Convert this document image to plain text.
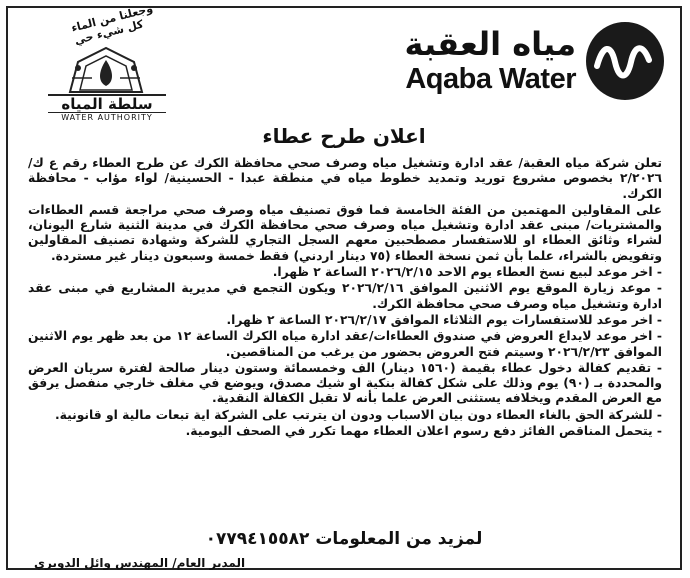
مياه العقبة
Aqaba Water
وجعلنا من الماء كل شيء حي
سلطة المياه
WATER AUTHORITY
اعلان طرح عطاء

تعلن شركة مياه العقبة/ عقد ادارة وتشغيل مياه وصرف صحي محافظة الكرك عن طرح العطاء رقم ع ك/٢/٢٠٢٦ بخصوص مشروع توريد وتمديد خطوط مياه في منطقة عبدا - الحسينية/ لواء مؤاب - محافظة الكرك.

على المقاولين المهتمين من الفئة الخامسة فما فوق تصنيف مياه وصرف صحي مراجعة قسم العطاءات والمشتريات/ مبنى عقد ادارة وتشغيل مياه وصرف صحي محافظة الكرك في مدينة الثنية شارع اليونان، لشراء وثائق العطاء او للاستفسار مصطحبين معهم السجل التجاري للشركة وشهادة تصنيف المقاولين وتفويض بالشراء، علما بأن ثمن نسخة العطاء (٧٥ دينار اردني) فقط خمسة وسبعون دينار غير مستردة.

- اخر موعد لبيع نسخ العطاء يوم الاحد ٢٠٢٦/٢/١٥ الساعة ٢ ظهرا.

- موعد زيارة الموقع يوم الاثنين الموافق ٢٠٢٦/٢/١٦ ويكون التجمع في مديرية المشاريع في مبنى عقد ادارة وتشغيل مياه وصرف صحي محافظة الكرك.

- اخر موعد للاستفسارات يوم الثلاثاء الموافق ٢٠٢٦/٢/١٧ الساعة ٢ ظهرا.

- اخر موعد لايداع العروض في صندوق العطاءات/عقد ادارة مياه الكرك الساعة ١٢ من بعد ظهر يوم الاثنين الموافق ٢٠٢٦/٢/٢٣ وسيتم فتح العروض بحضور من يرغب من المناقصين.

- تقديم كفالة دخول عطاء بقيمة (١٥٦٠ دينار) الف وخمسمائة وستون دينار صالحة لفترة سريان العرض والمحددة بـ (٩٠) يوم وذلك على شكل كفالة بنكية او شيك مصدق، ويوضع في مغلف خارجي منفصل يرفق مع العرض المقدم ويخلافه يستثنى العرض علما بأنه لا تقبل الكفالة النقدية.

- للشركة الحق بالغاء العطاء دون بيان الاسباب ودون ان يترتب على الشركة اية تبعات مالية او قانونية.

- يتحمل المناقص الفائز دفع رسوم اعلان العطاء مهما تكرر في الصحف اليومية.

لمزيد من المعلومات ٠٧٧٩٤١٥٥٨٢
المدير العام/ المهندس وائل الدويري
